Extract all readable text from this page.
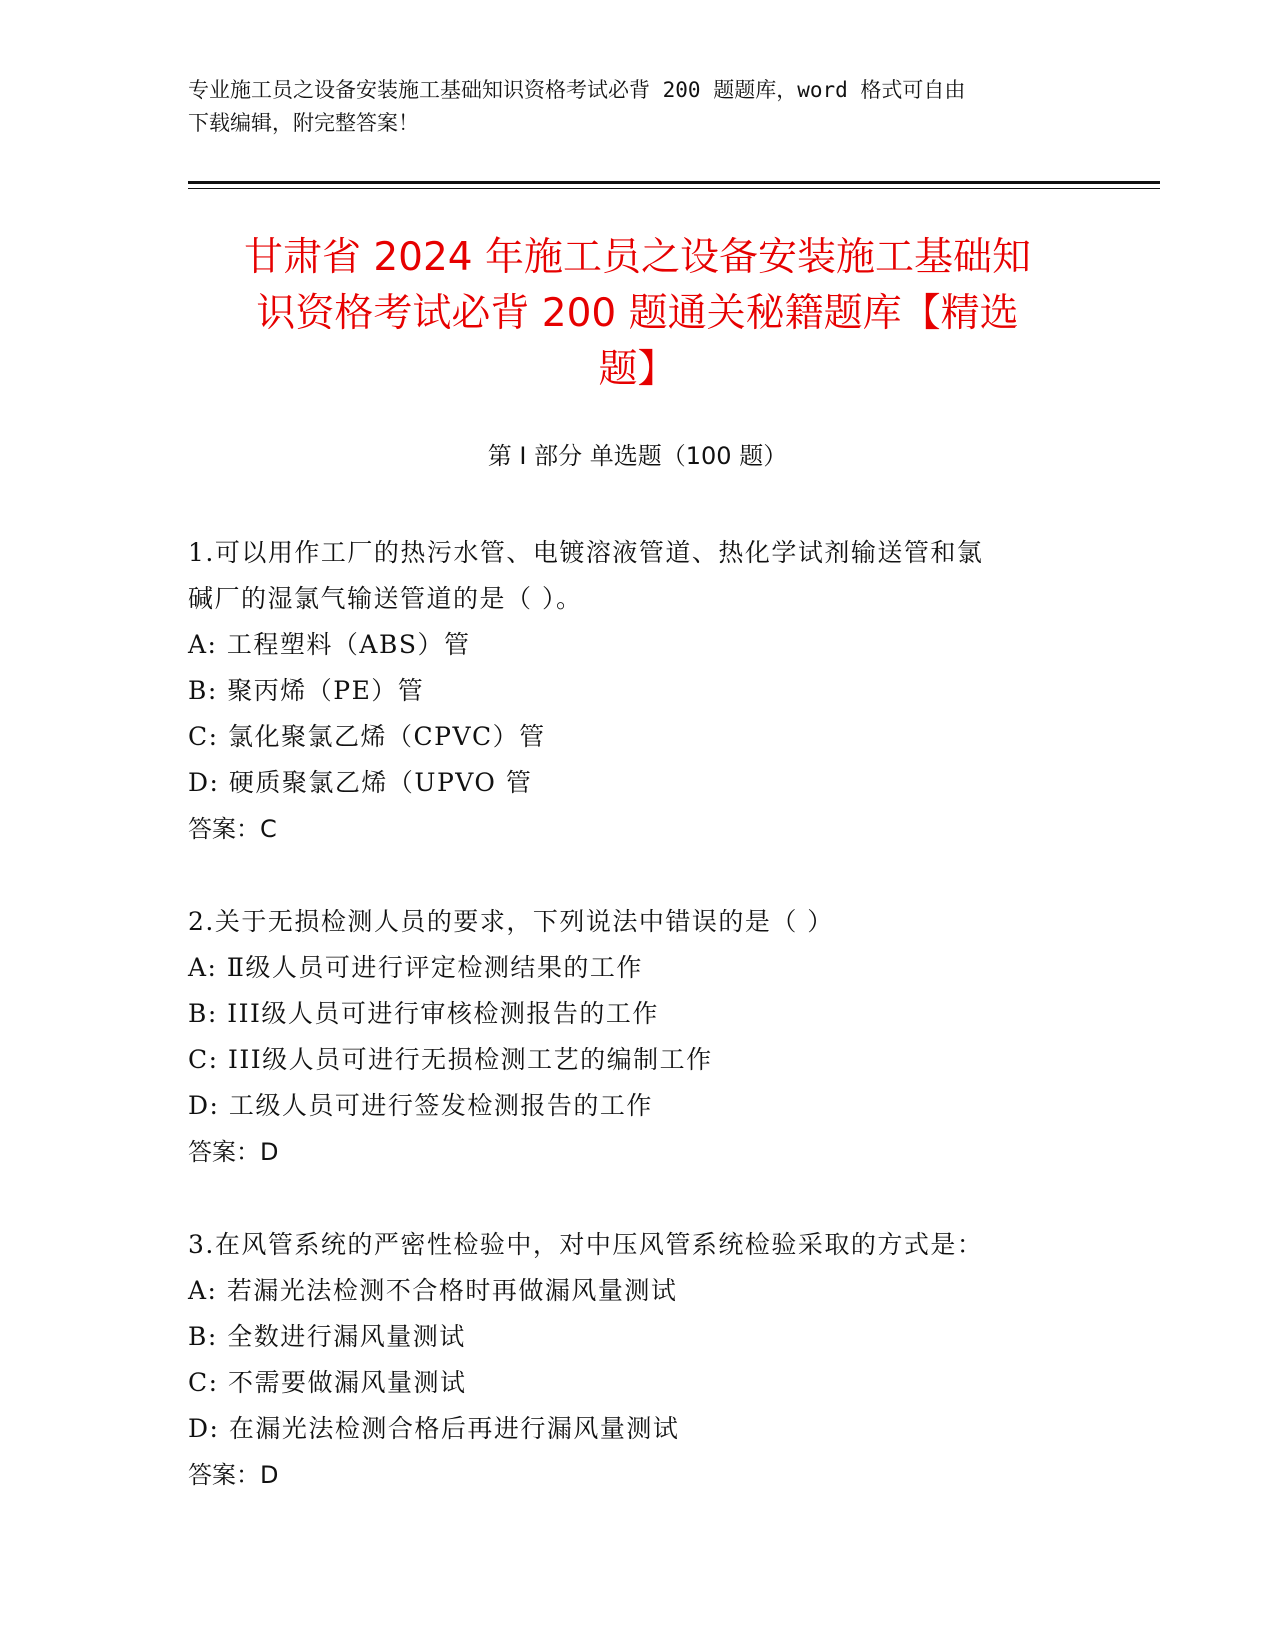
专业施工员之设备安装施工基础知识资格考试必背 200 题题库，word 格式可自由
下载编辑，附完整答案！
甘肃省 2024 年施工员之设备安装施工基础知
识资格考试必背 200 题通关秘籍题库【精选
题】
第 I 部分 单选题（100 题）
1.可以用作工厂的热污水管、电镀溶液管道、热化学试剂输送管和氯
碱厂的湿氯气输送管道的是（ ）。
A: 工程塑料（ABS）管
B: 聚丙烯（PE）管
C: 氯化聚氯乙烯（CPVC）管
D: 硬质聚氯乙烯（UPVO 管
答案：C
2.关于无损检测人员的要求，下列说法中错误的是（ ）
A: Ⅱ级人员可进行评定检测结果的工作
B: III级人员可进行审核检测报告的工作
C: III级人员可进行无损检测工艺的编制工作
D: 工级人员可进行签发检测报告的工作
答案：D
3.在风管系统的严密性检验中，对中压风管系统检验采取的方式是：
A: 若漏光法检测不合格时再做漏风量测试
B: 全数进行漏风量测试
C: 不需要做漏风量测试
D: 在漏光法检测合格后再进行漏风量测试
答案：D
